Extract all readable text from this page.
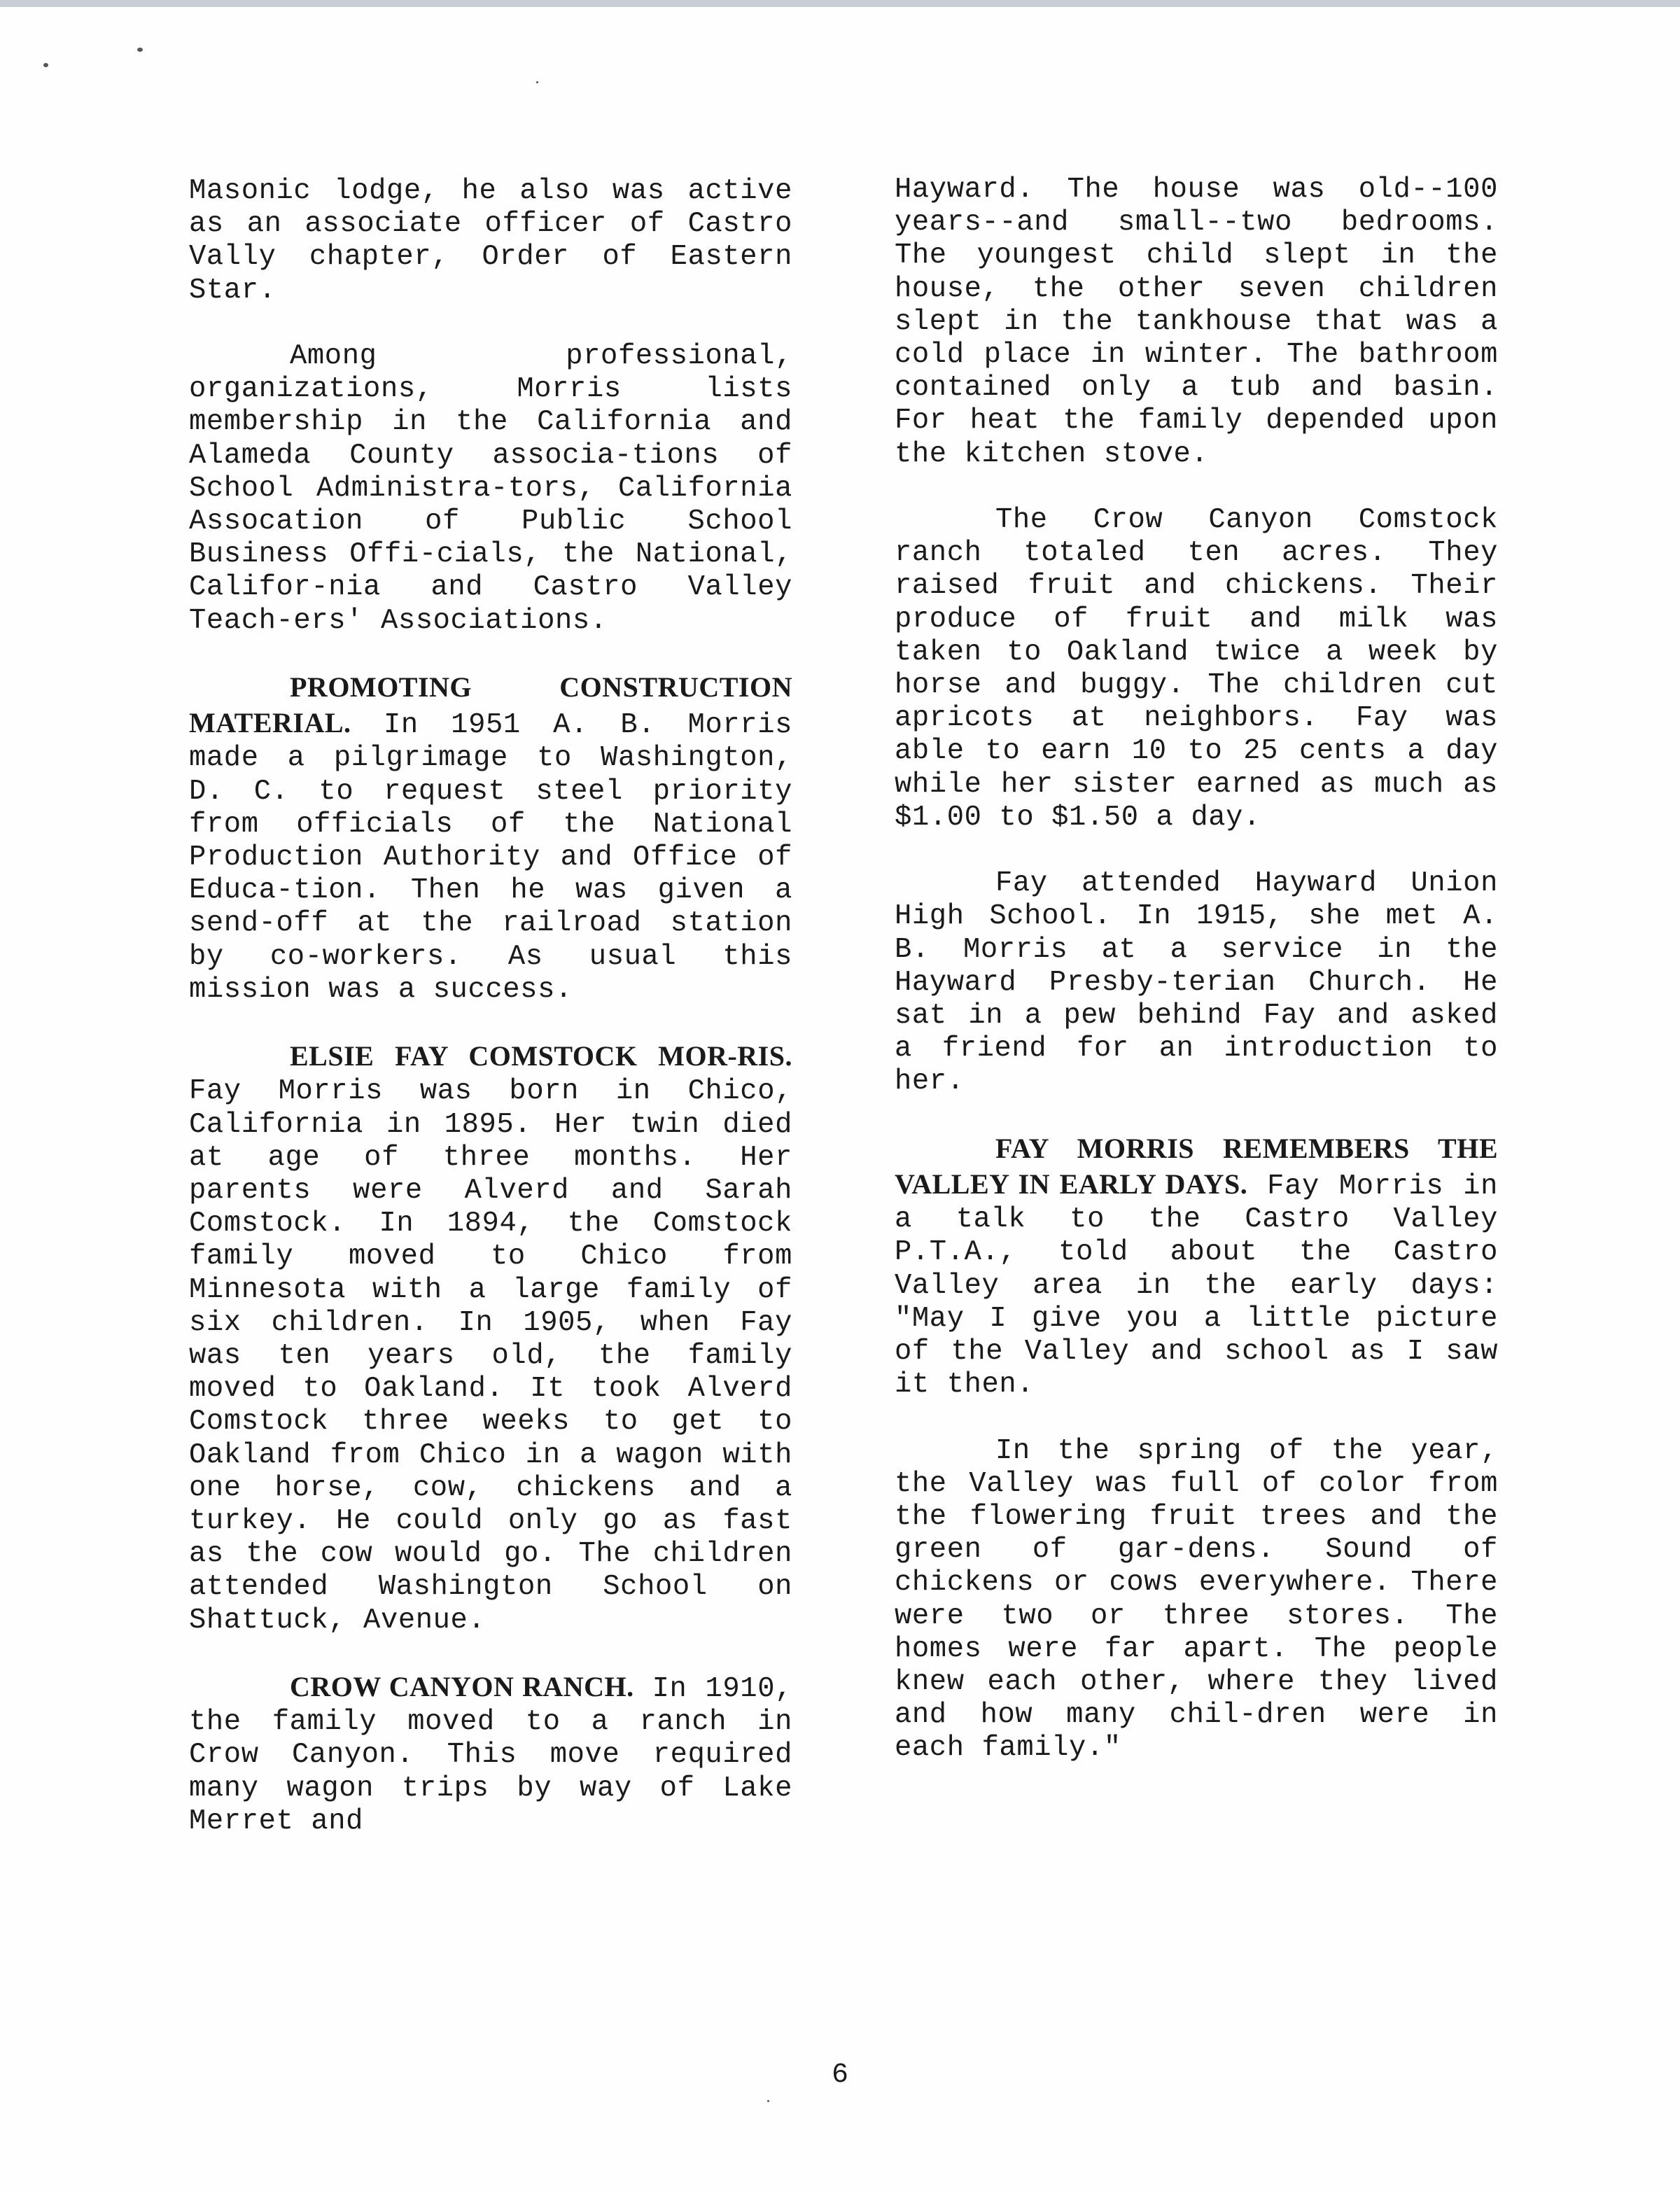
Masonic lodge, he also was active as an associate officer of Castro Vally chapter, Order of Eastern Star.

Among professional, organizations, Morris lists membership in the California and Alameda County associa-tions of School Administra-tors, California Assocation of Public School Business Offi-cials, the National, Califor-nia and Castro Valley Teach-ers' Associations.

PROMOTING CONSTRUCTION MATERIAL. In 1951 A. B. Morris made a pilgrimage to Washington, D. C. to request steel priority from officials of the National Production Authority and Office of Educa-tion. Then he was given a send-off at the railroad station by co-workers. As usual this mission was a success.

ELSIE FAY COMSTOCK MOR-RIS. Fay Morris was born in Chico, California in 1895. Her twin died at age of three months. Her parents were Alverd and Sarah Comstock. In 1894, the Comstock family moved to Chico from Minnesota with a large family of six children. In 1905, when Fay was ten years old, the family moved to Oakland. It took Alverd Comstock three weeks to get to Oakland from Chico in a wagon with one horse, cow, chickens and a turkey. He could only go as fast as the cow would go. The children attended Washington School on Shattuck, Avenue.

CROW CANYON RANCH. In 1910, the family moved to a ranch in Crow Canyon. This move required many wagon trips by way of Lake Merret and

Hayward. The house was old--100 years--and small--two bedrooms. The youngest child slept in the house, the other seven children slept in the tankhouse that was a cold place in winter. The bathroom contained only a tub and basin. For heat the family depended upon the kitchen stove.

The Crow Canyon Comstock ranch totaled ten acres. They raised fruit and chickens. Their produce of fruit and milk was taken to Oakland twice a week by horse and buggy. The children cut apricots at neighbors. Fay was able to earn 10 to 25 cents a day while her sister earned as much as $1.00 to $1.50 a day.

Fay attended Hayward Union High School. In 1915, she met A. B. Morris at a service in the Hayward Presby-terian Church. He sat in a pew behind Fay and asked a friend for an introduction to her.

FAY MORRIS REMEMBERS THE VALLEY IN EARLY DAYS. Fay Morris in a talk to the Castro Valley P.T.A., told about the Castro Valley area in the early days: "May I give you a little picture of the Valley and school as I saw it then.

In the spring of the year, the Valley was full of color from the flowering fruit trees and the green of gar-dens. Sound of chickens or cows everywhere. There were two or three stores. The homes were far apart. The people knew each other, where they lived and how many chil-dren were in each family."

6
